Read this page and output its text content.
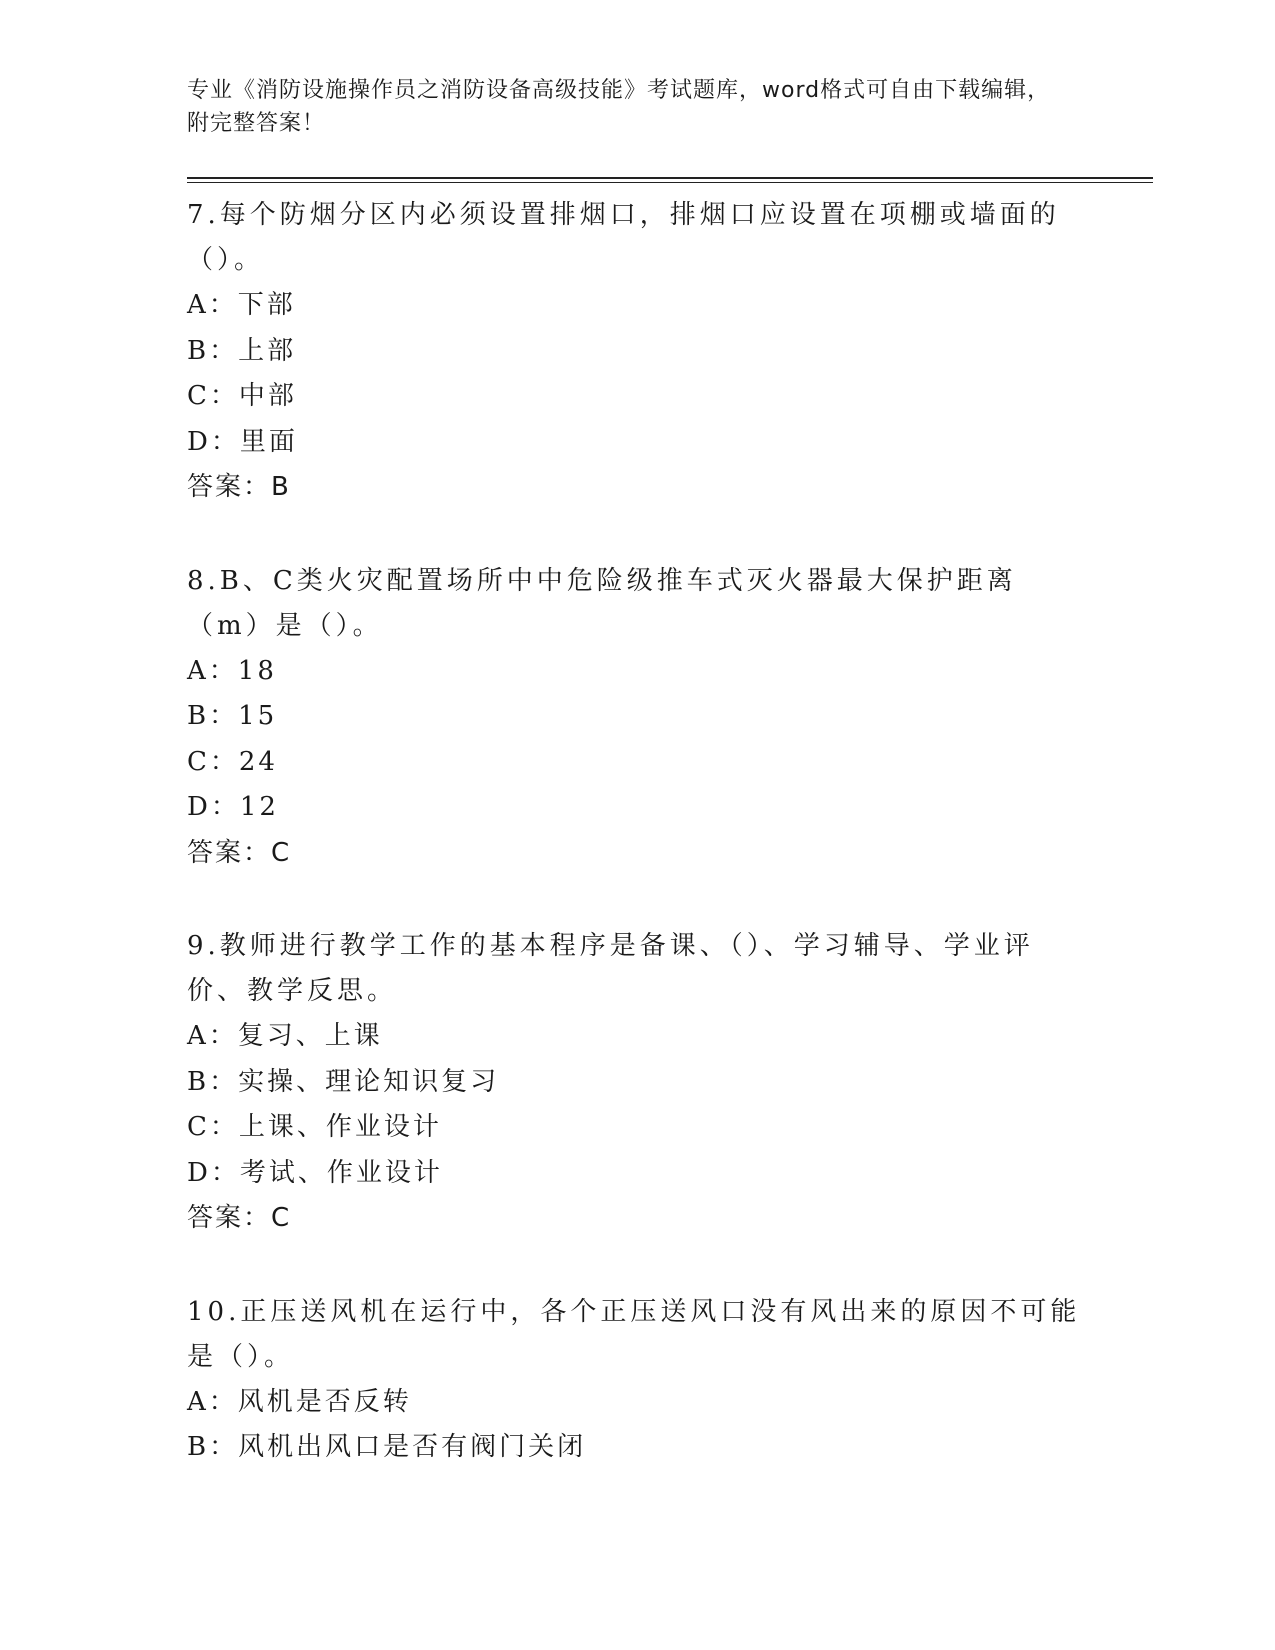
专业《消防设施操作员之消防设备高级技能》考试题库，word格式可自由下载编辑，附完整答案！

7.每个防烟分区内必须设置排烟口，排烟口应设置在项棚或墙面的（）。

A：下部

B：上部

C：中部

D：里面

答案：B

8.B、C类火灾配置场所中中危险级推车式灭火器最大保护距离（m）是（）。

A：18

B：15

C：24

D：12

答案：C

9.教师进行教学工作的基本程序是备课、（）、学习辅导、学业评价、教学反思。

A：复习、上课

B：实操、理论知识复习

C：上课、作业设计

D：考试、作业设计

答案：C

10.正压送风机在运行中，各个正压送风口没有风出来的原因不可能是（）。

A：风机是否反转

B：风机出风口是否有阀门关闭
